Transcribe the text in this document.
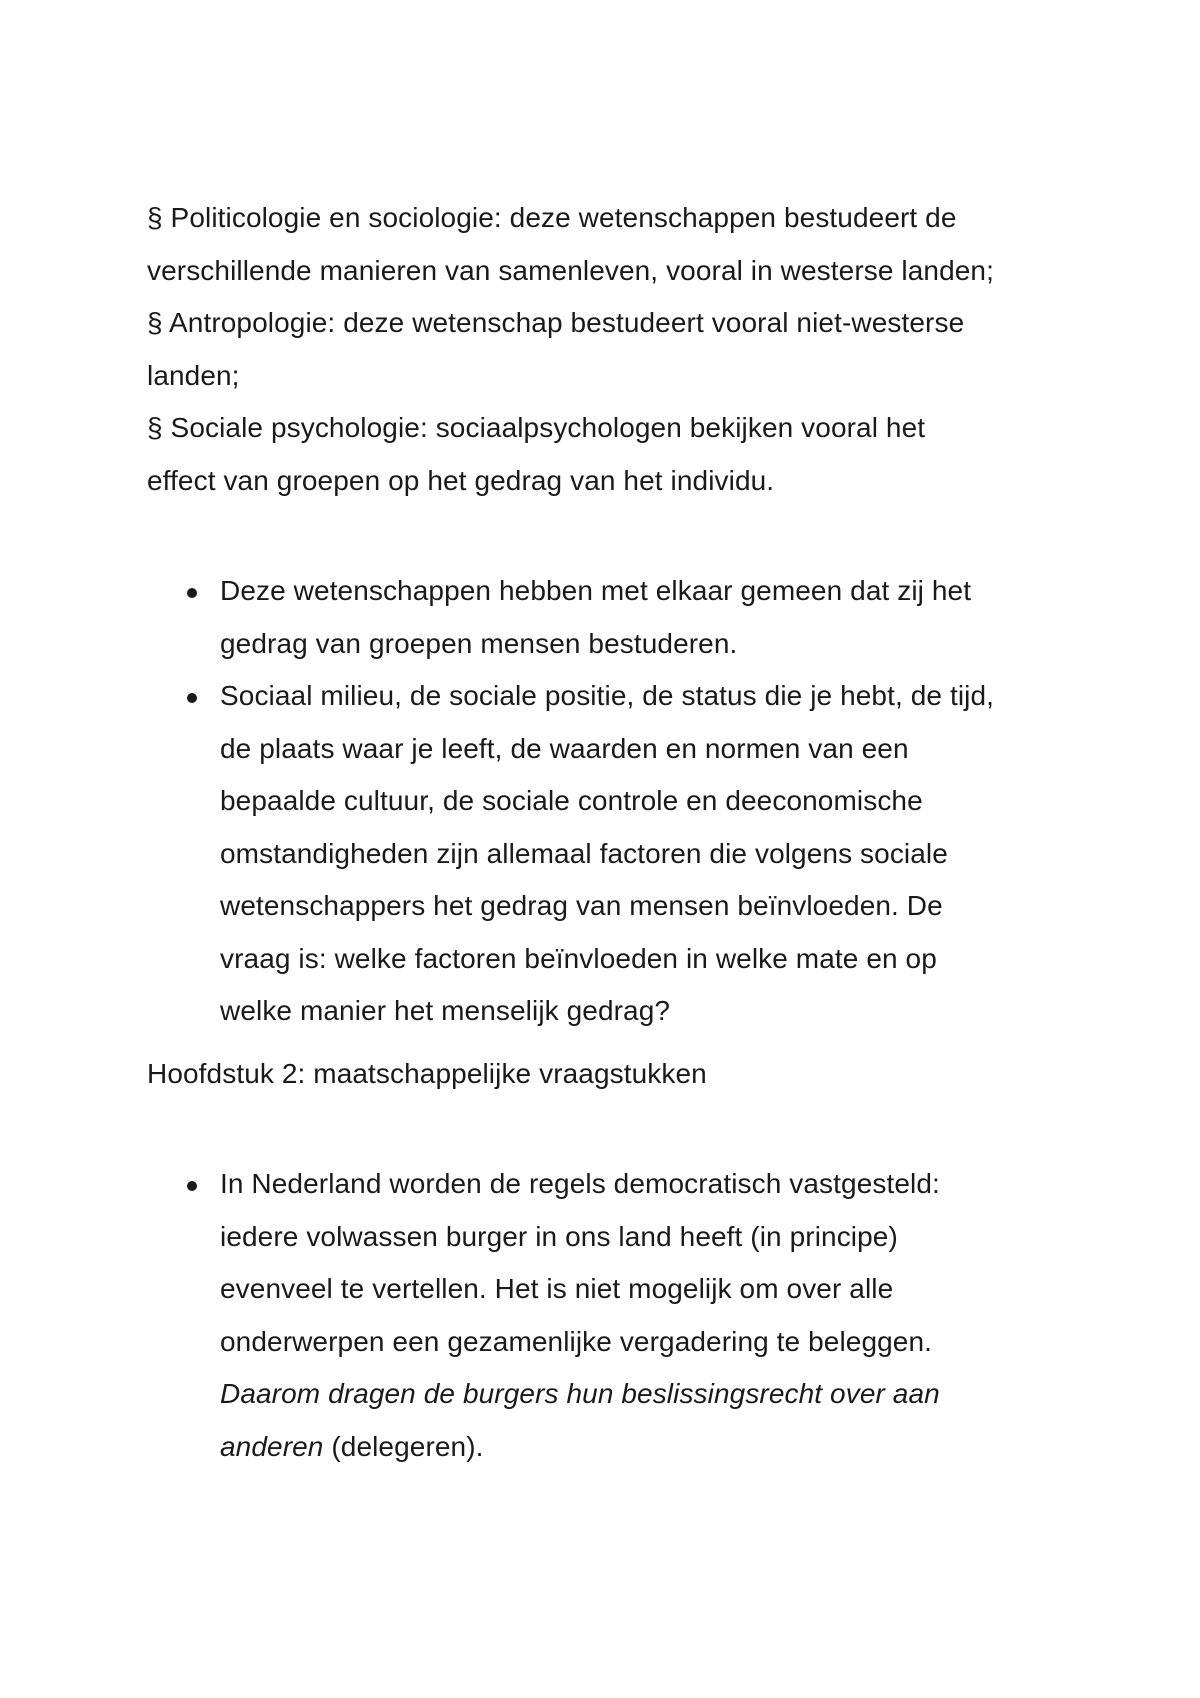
§ Politicologie en sociologie: deze wetenschappen bestudeert de
verschillende manieren van samenleven, vooral in westerse landen;
§ Antropologie: deze wetenschap bestudeert vooral niet-westerse
landen;
§ Sociale psychologie: sociaalpsychologen bekijken vooral het
effect van groepen op het gedrag van het individu.

Deze wetenschappen hebben met elkaar gemeen dat zij het
gedrag van groepen mensen bestuderen.
Sociaal milieu, de sociale positie, de status die je hebt, de tijd,
de plaats waar je leeft, de waarden en normen van een
bepaalde cultuur, de sociale controle en deeconomische
omstandigheden zijn allemaal factoren die volgens sociale
wetenschappers het gedrag van mensen beïnvloeden. De
vraag is: welke factoren beïnvloeden in welke mate en op
welke manier het menselijk gedrag?

Hoofdstuk 2: maatschappelijke vraagstukken

In Nederland worden de regels democratisch vastgesteld:
iedere volwassen burger in ons land heeft (in principe)
evenveel te vertellen. Het is niet mogelijk om over alle
onderwerpen een gezamenlijke vergadering te beleggen.
Daarom dragen de burgers hun beslissingsrecht over aan
anderen (delegeren).
